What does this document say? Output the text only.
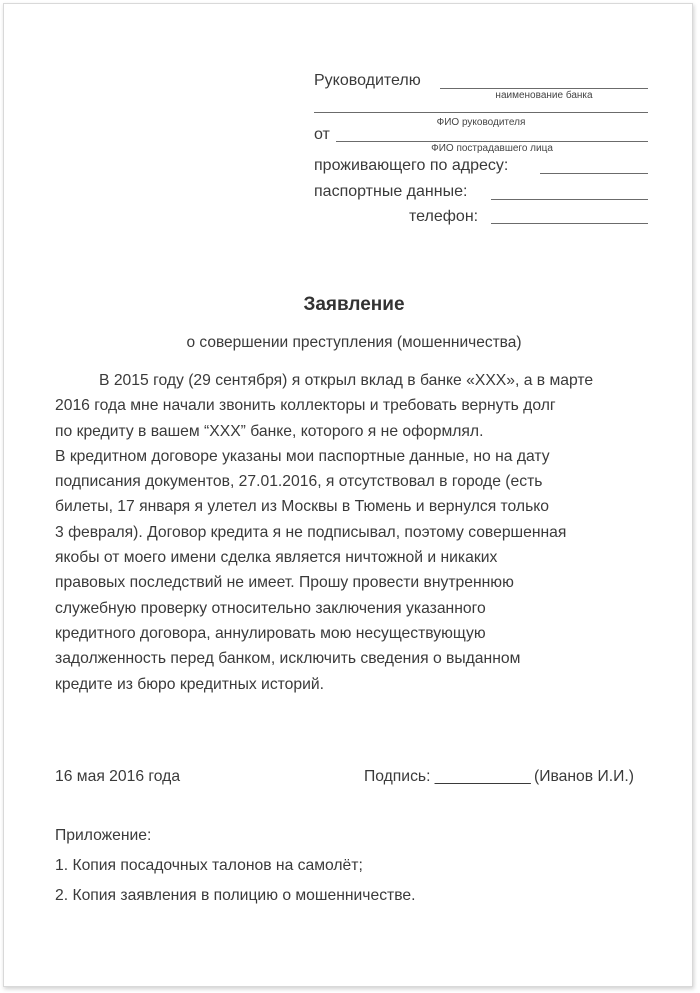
Руководителю
наименование банка
ФИО руководителя
от
ФИО пострадавшего лица
проживающего по адресу:
паспортные данные:
телефон:
Заявление
о совершении преступления (мошенничества)
В 2015 году (29 сентября) я открыл вклад в банке «XXX», а в марте
2016 года мне начали звонить коллекторы и требовать вернуть долг
по кредиту в вашем “XXX” банке, которого я не оформлял.
В кредитном договоре указаны мои паспортные данные, но на дату
подписания документов, 27.01.2016, я отсутствовал в городе (есть
билеты, 17 января я улетел из Москвы в Тюмень и вернулся только
3 февраля). Договор кредита я не подписывал, поэтому совершенная
якобы от моего имени сделка является ничтожной и никаких
правовых последствий не имеет. Прошу провести внутреннюю
служебную проверку относительно заключения указанного
кредитного договора, аннулировать мою несуществующую
задолженность перед банком, исключить сведения о выданном
кредите из бюро кредитных историй.
16 мая 2016 года	Подпись: ___________ (Иванов И.И.)
Приложение:
1. Копия посадочных талонов на самолёт;
2. Копия заявления в полицию о мошенничестве.
